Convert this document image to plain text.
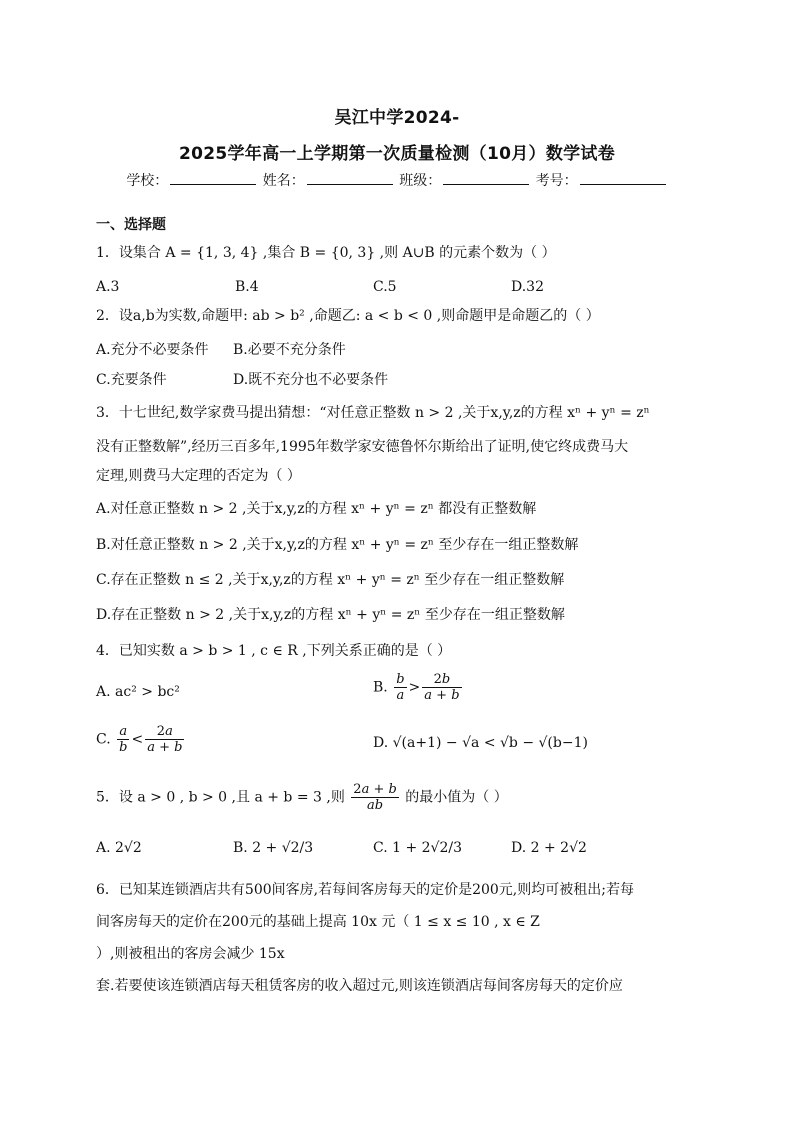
吴江中学2024-
2025学年高一上学期第一次质量检测（10月）数学试卷
学校：	姓名：	班级：	考号：
一、选择题
1．设集合 A = {1, 3, 4} ,集合 B = {0, 3} ,则 A∪B 的元素个数为（ ）
A.3	B.4	C.5	D.32
2．设a,b为实数,命题甲: ab > b² ,命题乙: a < b < 0 ,则命题甲是命题乙的（ ）
A.充分不必要条件 B.必要不充分条件
C.充要条件	D.既不充分也不必要条件
3．十七世纪,数学家费马提出猜想：“对任意正整数 n > 2 ,关于x,y,z的方程 xⁿ + yⁿ = zⁿ
没有正整数解”,经历三百多年,1995年数学家安德鲁怀尔斯给出了证明,使它终成费马大
定理,则费马大定理的否定为（ ）
A.对任意正整数 n > 2 ,关于x,y,z的方程 xⁿ + yⁿ = zⁿ 都没有正整数解
B.对任意正整数 n > 2 ,关于x,y,z的方程 xⁿ + yⁿ = zⁿ 至少存在一组正整数解
C.存在正整数 n ≤ 2 ,关于x,y,z的方程 xⁿ + yⁿ = zⁿ 至少存在一组正整数解
D.存在正整数 n > 2 ,关于x,y,z的方程 xⁿ + yⁿ = zⁿ 至少存在一组正整数解
4．已知实数 a > b > 1 , c ∈ R ,下列关系正确的是（ ）
A. ac² > bc²	B. $\frac{b}{a} > \frac{2b}{a + b}$
C. $\frac{a}{b} < \frac{2a}{a + b}$	D. √(a+1) − √a < √b − √(b−1)
5．设 a > 0 , b > 0 ,且 a + b = 3 ,则 $\frac{2a + b}{ab}$ 的最小值为（ ）
A. 2√2	B. 2 + √2/3	C. 1 + 2√2/3	D. 2 + 2√2
6．已知某连锁酒店共有500间客房,若每间客房每天的定价是200元,则均可被租出;若每
间客房每天的定价在200元的基础上提高 10x 元（ 1 ≤ x ≤ 10 , x ∈ Z
）,则被租出的客房会减少 15x
套.若要使该连锁酒店每天租赁客房的收入超过元,则该连锁酒店每间客房每天的定价应
